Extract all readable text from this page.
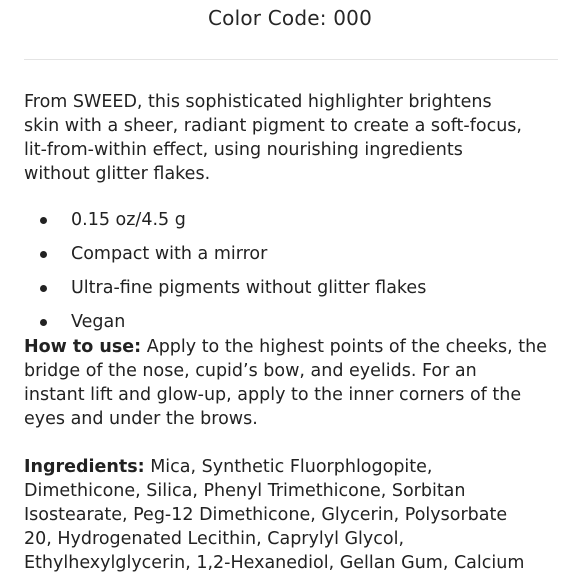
Color Code: 000

From SWEED, this sophisticated highlighter brightens
skin with a sheer, radiant pigment to create a soft-focus,
lit-from-within effect, using nourishing ingredients
without glitter flakes.

0.15 oz/4.5 g
Compact with a mirror
Ultra-fine pigments without glitter flakes
Vegan

How to use: Apply to the highest points of the cheeks, the
bridge of the nose, cupid’s bow, and eyelids. For an
instant lift and glow-up, apply to the inner corners of the
eyes and under the brows.

Ingredients: Mica, Synthetic Fluorphlogopite,
Dimethicone, Silica, Phenyl Trimethicone, Sorbitan
Isostearate, Peg-12 Dimethicone, Glycerin, Polysorbate
20, Hydrogenated Lecithin, Caprylyl Glycol,
Ethylhexylglycerin, 1,2-Hexanediol, Gellan Gum, Calcium
